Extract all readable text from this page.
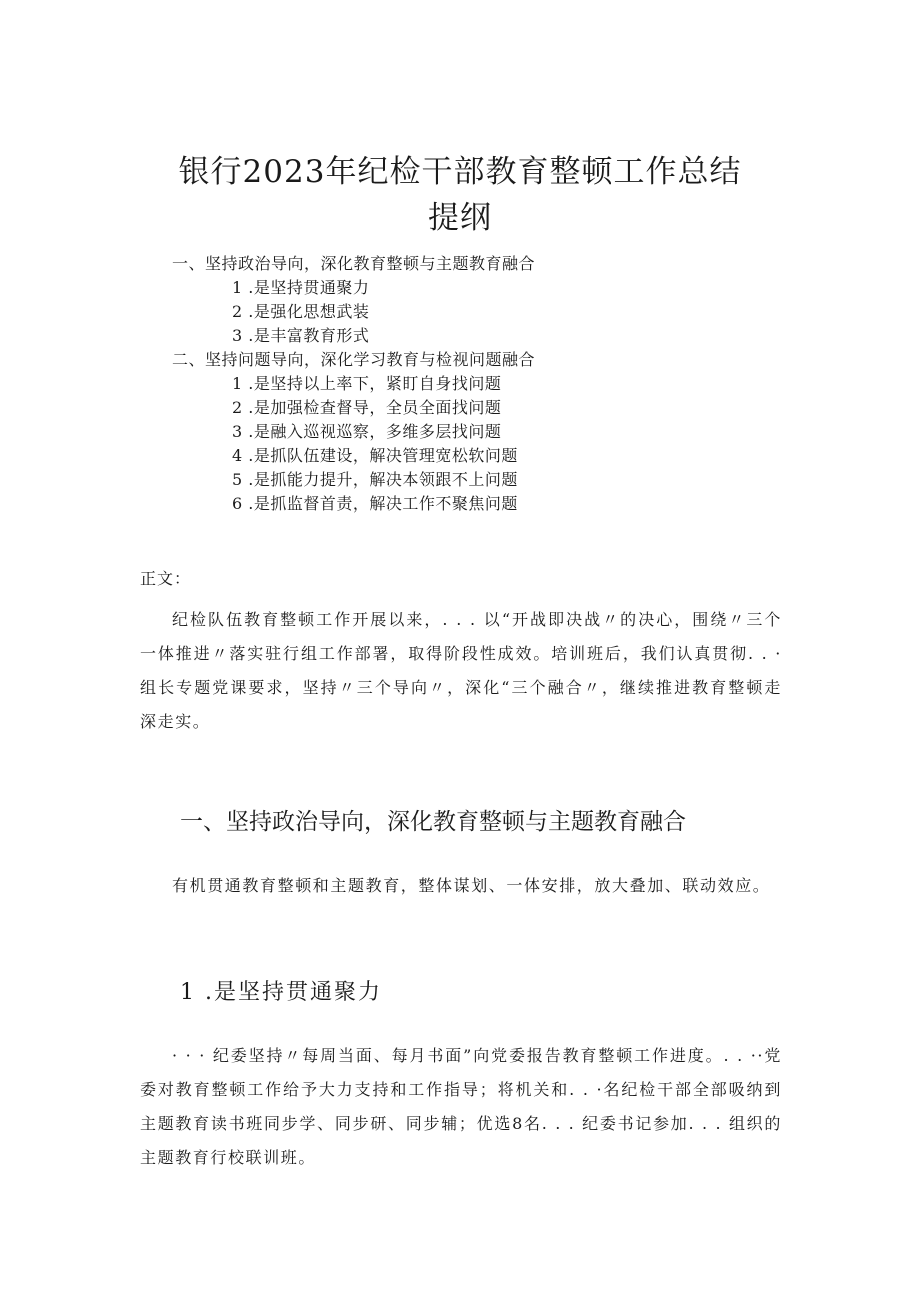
银行2023年纪检干部教育整顿工作总结
提纲
一、坚持政治导向，深化教育整顿与主题教育融合
1 .是坚持贯通聚力
2 .是强化思想武装
3 .是丰富教育形式
二、坚持问题导向，深化学习教育与检视问题融合
1 .是坚持以上率下，紧盯自身找问题
2 .是加强检查督导，全员全面找问题
3 .是融入巡视巡察，多维多层找问题
4 .是抓队伍建设，解决管理宽松软问题
5 .是抓能力提升，解决本领跟不上问题
6 .是抓监督首责，解决工作不聚焦问题
正文：
纪检队伍教育整顿工作开展以来，. . . 以“开战即决战〃的决心，围绕〃三个一体推进〃落实驻行组工作部署，取得阶段性成效。培训班后，我们认真贯彻. . ·组长专题党课要求，坚持〃三个导向〃，深化“三个融合〃，继续推进教育整顿走深走实。
一、坚持政治导向，深化教育整顿与主题教育融合
有机贯通教育整顿和主题教育，整体谋划、一体安排，放大叠加、联动效应。
1 .是坚持贯通聚力
· · · 纪委坚持〃每周当面、每月书面”向党委报告教育整顿工作进度。. . ··党委对教育整顿工作给予大力支持和工作指导；将机关和. . ·名纪检干部全部吸纳到主题教育读书班同步学、同步研、同步辅；优选8名. . . 纪委书记参加. . . 组织的主题教育行校联训班。
